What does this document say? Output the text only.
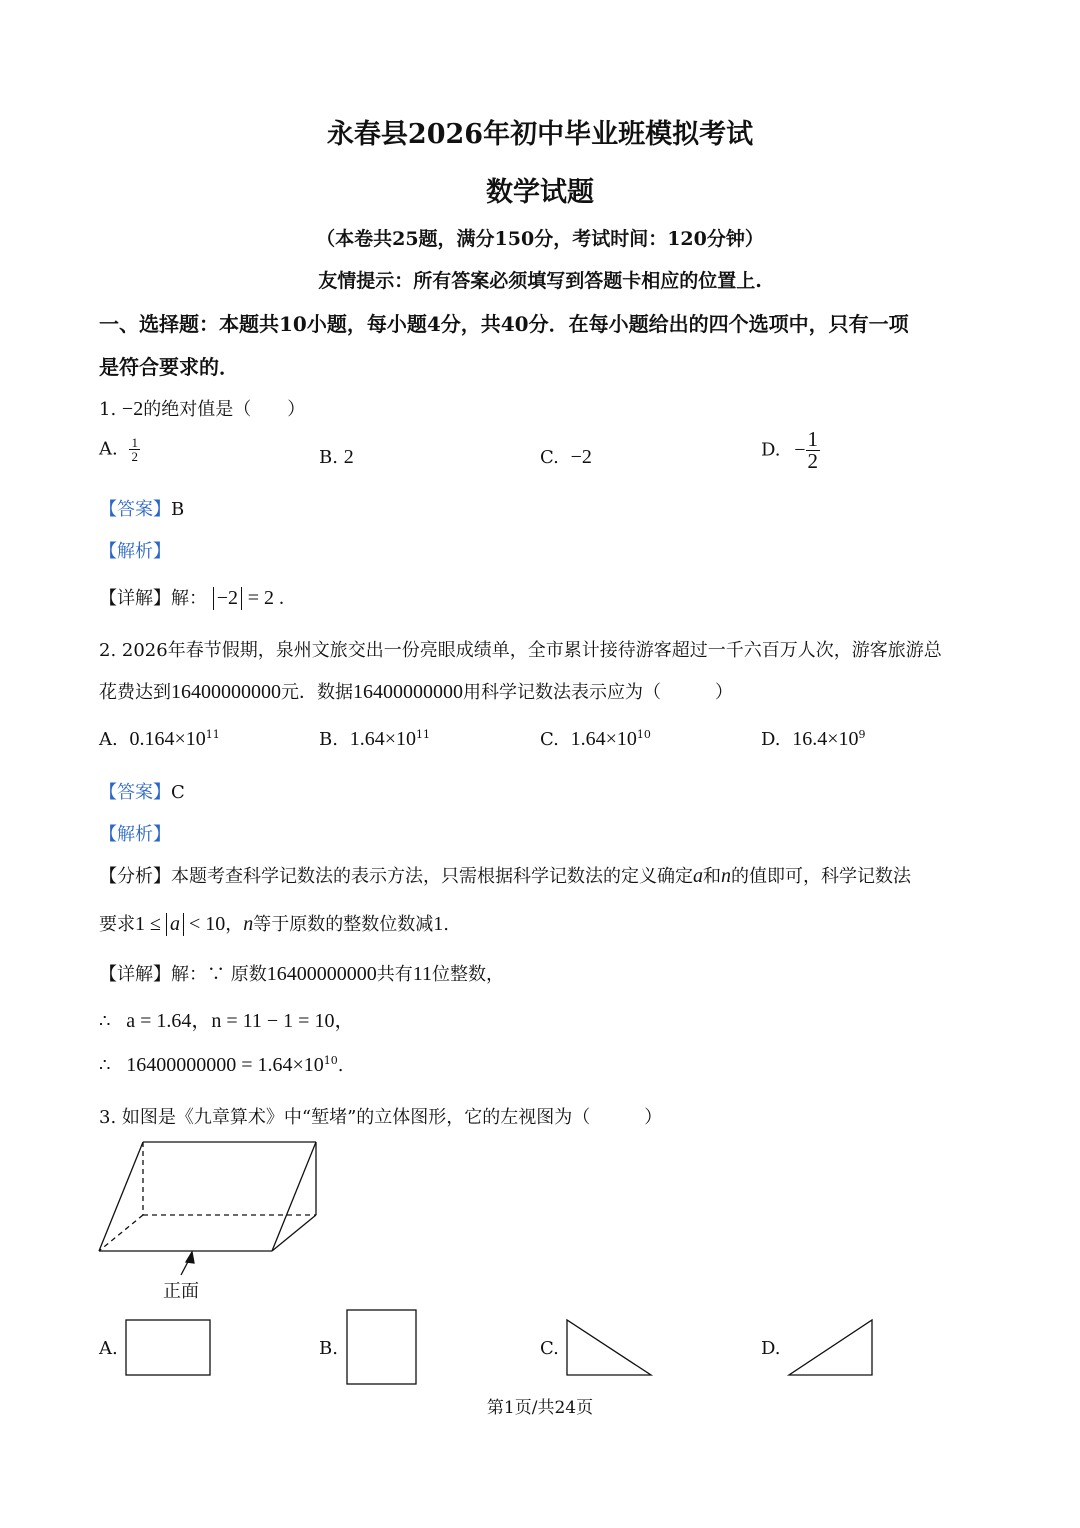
永春县2026年初中毕业班模拟考试
数学试题
（本卷共25题，满分150分，考试时间：120分钟）
友情提示：所有答案必须填写到答题卡相应的位置上.
一、选择题：本题共10小题，每小题4分，共40分．在每小题给出的四个选项中，只有一项
是符合要求的．
1. −2的绝对值是（　　）
A. $\frac{1}{2}$	B. 2	C. −2	D. − $\frac{1}{2}$
【答案】B
【解析】
【详解】解： −2 = 2 .
2. 2026年春节假期，泉州文旅交出一份亮眼成绩单，全市累计接待游客超过一千六百万人次，游客旅游总
花费达到16400000000元．数据16400000000用科学记数法表示应为（　　　）
A. $0.164\times 10^{11}$	B. $1.64\times 10^{11}$	C. $1.64\times 10^{10}$	D. $16.4\times 10^9$
【答案】C
【解析】
【分析】本题考查科学记数法的表示方法，只需根据科学记数法的定义确定a和n的值即可，科学记数法
要求1 ≤ a < 10，n等于原数的整数位数减1.
【详解】解：∵ 原数16400000000共有11位整数，
∴ a = 1.64，n = 11 − 1 = 10，
∴ $16400000000 = 1.64\times 10^{10}$.
3. 如图是《九章算术》中“堑堵”的立体图形，它的左视图为（　　　）
正面
A.	B.	C.	D.
第1页/共24页
